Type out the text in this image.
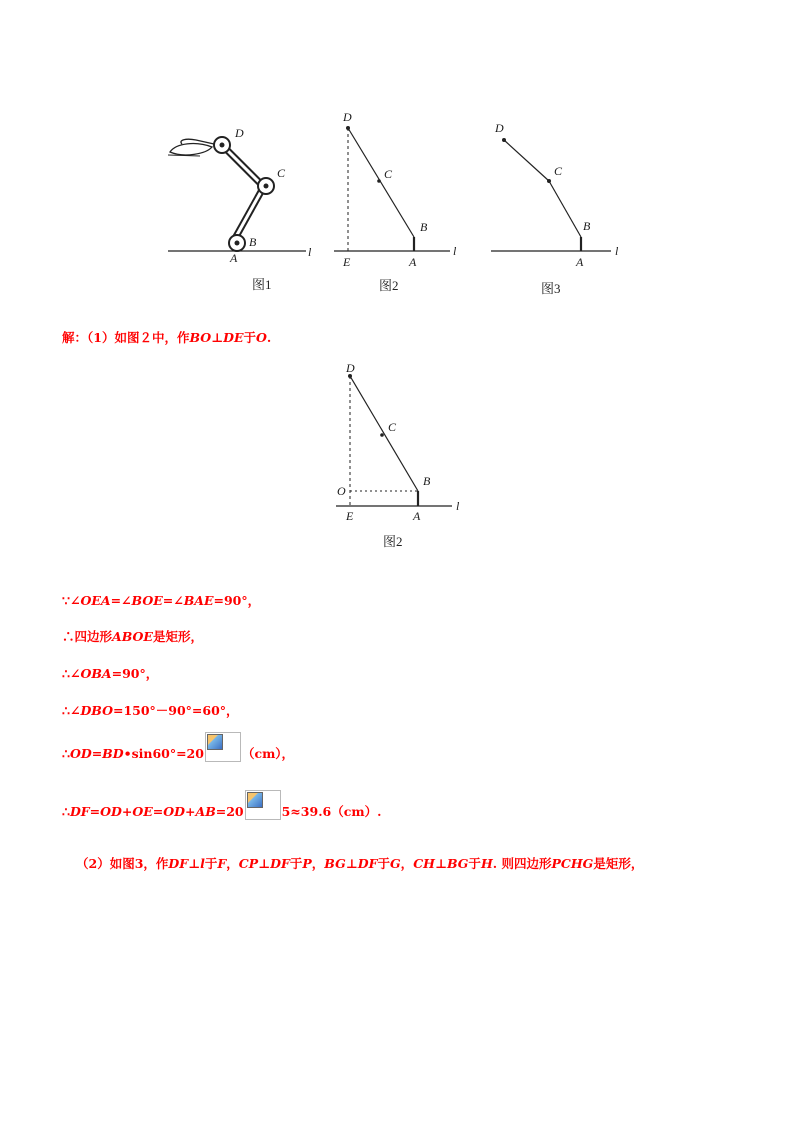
D
C
B
A	l
图1
D
C
B
A
E
l
图2
D
C
B
A
l
图3
D
C
B
A
E
O
l
图2
解：（1）如图２中，作BO⊥DE于O.
∵∠OEA=∠BOE=∠BAE=90°，
∴四边形ABOE是矩形，
∴∠OBA=90°，
∴∠DBO=150°－90°=60°，
∴OD=BD•sin60°=20	（cm），
∴DF=OD+OE=OD+AB=20	5≈39.6（cm）.
（2）如图3，作DF⊥l于F，CP⊥DF于P，BG⊥DF于G，CH⊥BG于H. 则四边形PCHG是矩形，
